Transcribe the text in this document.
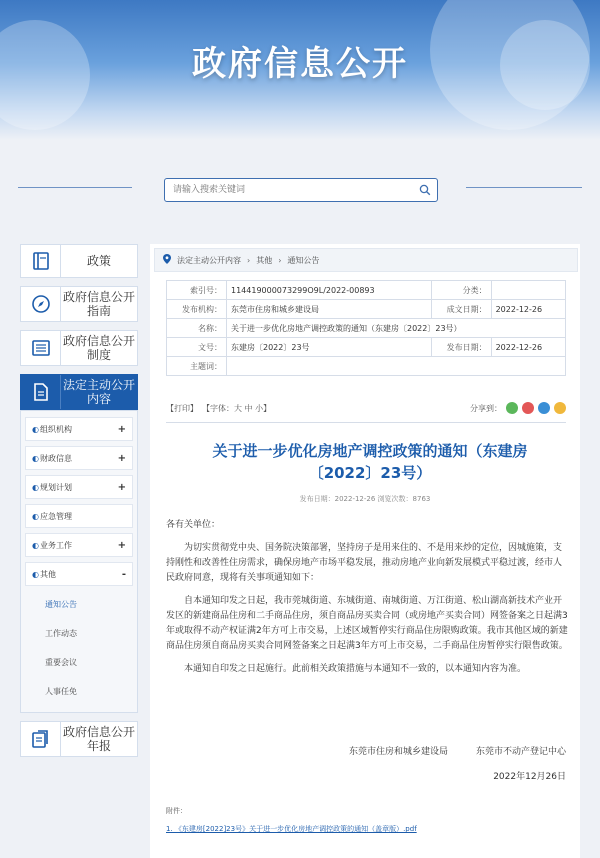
政府信息公开
请输入搜索关键词
政策
政府信息公开指南
政府信息公开制度
法定主动公开内容
◐ 组织机构	+
◐ 财政信息	+
◐ 规划计划	+
◐ 应急管理
◐ 业务工作	+
◐ 其他	-
通知公告
工作动态
重要会议
人事任免
政府信息公开年报
法定主动公开内容 › 其他 › 通知公告
索引号：	114419000073299O9L/2022-00893	分类：	
发布机构：	东莞市住房和城乡建设局	成文日期：	2022-12-26
名称：	关于进一步优化房地产调控政策的通知（东建房〔2022〕23号）		
文号：	东建房〔2022〕23号	发布日期：	2022-12-26
主题词：			
【打印】 【字体：大 中 小】	分享到：
关于进一步优化房地产调控政策的通知（东建房
〔2022〕23号）
发布日期：2022-12-26 浏览次数：8763

各有关单位：

为切实贯彻党中央、国务院决策部署，坚持房子是用来住的、不是用来炒的定位，因城施策，支持刚性和改善性住房需求，确保房地产市场平稳发展，推动房地产业向新发展模式平稳过渡，经市人民政府同意，现将有关事项通知如下：

自本通知印发之日起，我市莞城街道、东城街道、南城街道、万江街道、松山湖高新技术产业开发区的新建商品住房和二手商品住房，须自商品房买卖合同（或房地产买卖合同）网签备案之日起满3年或取得不动产权证满2年方可上市交易，上述区域暂停实行商品住房限购政策。我市其他区域的新建商品住房须自商品房买卖合同网签备案之日起满3年方可上市交易，二手商品住房暂停实行限售政策。

本通知自印发之日起施行。此前相关政策措施与本通知不一致的，以本通知内容为准。

东莞市住房和城乡建设局	东莞市不动产登记中心
2022年12月26日
附件：
1. 《东建房[2022]23号》关于进一步优化房地产调控政策的通知（盖章版）.pdf
